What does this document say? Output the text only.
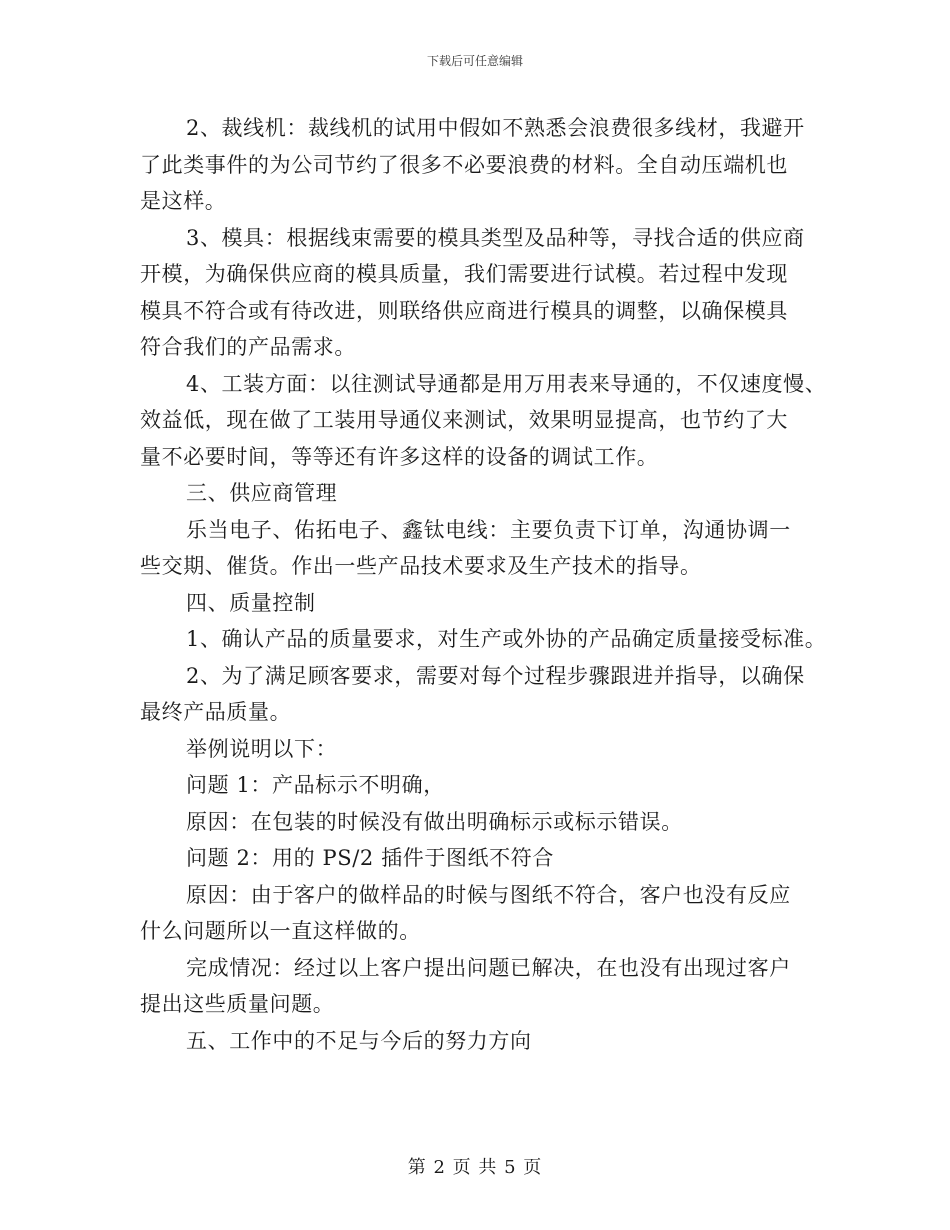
下载后可任意编辑

2、裁线机：裁线机的试用中假如不熟悉会浪费很多线材，我避开

了此类事件的为公司节约了很多不必要浪费的材料。全自动压端机也

是这样。

3、模具：根据线束需要的模具类型及品种等，寻找合适的供应商

开模，为确保供应商的模具质量，我们需要进行试模。若过程中发现

模具不符合或有待改进，则联络供应商进行模具的调整，以确保模具

符合我们的产品需求。

4、工装方面：以往测试导通都是用万用表来导通的，不仅速度慢、

效益低，现在做了工装用导通仪来测试，效果明显提高，也节约了大

量不必要时间，等等还有许多这样的设备的调试工作。

三、供应商管理

乐当电子、佑拓电子、鑫钛电线：主要负责下订单，沟通协调一

些交期、催货。作出一些产品技术要求及生产技术的指导。

四、质量控制

1、确认产品的质量要求，对生产或外协的产品确定质量接受标准。

2、为了满足顾客要求，需要对每个过程步骤跟进并指导，以确保

最终产品质量。

举例说明以下：

问题 1：产品标示不明确，

原因：在包装的时候没有做出明确标示或标示错误。

问题 2：用的 PS/2 插件于图纸不符合

原因：由于客户的做样品的时候与图纸不符合，客户也没有反应

什么问题所以一直这样做的。

完成情况：经过以上客户提出问题已解决，在也没有出现过客户

提出这些质量问题。

五、工作中的不足与今后的努力方向

第 2 页 共 5 页
